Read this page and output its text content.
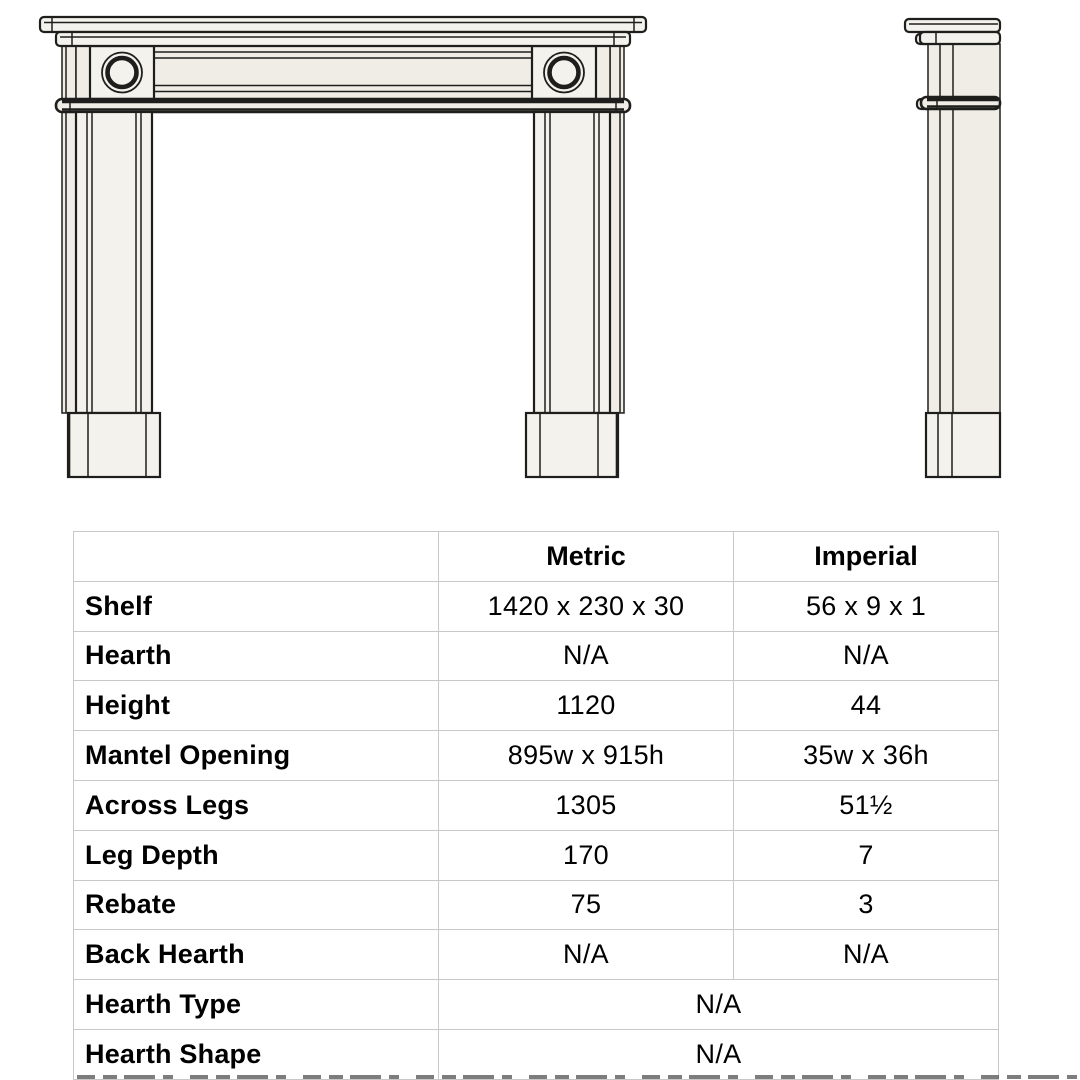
	Metric	Imperial
Shelf	1420 x 230 x 30	56 x 9 x 1
Hearth	N/A	N/A
Height	1120	44
Mantel Opening	895w x 915h	35w x 36h
Across Legs	1305	51½
Leg Depth	170	7
Rebate	75	3
Back Hearth	N/A	N/A
Hearth Type	N/A	
Hearth Shape	N/A	
